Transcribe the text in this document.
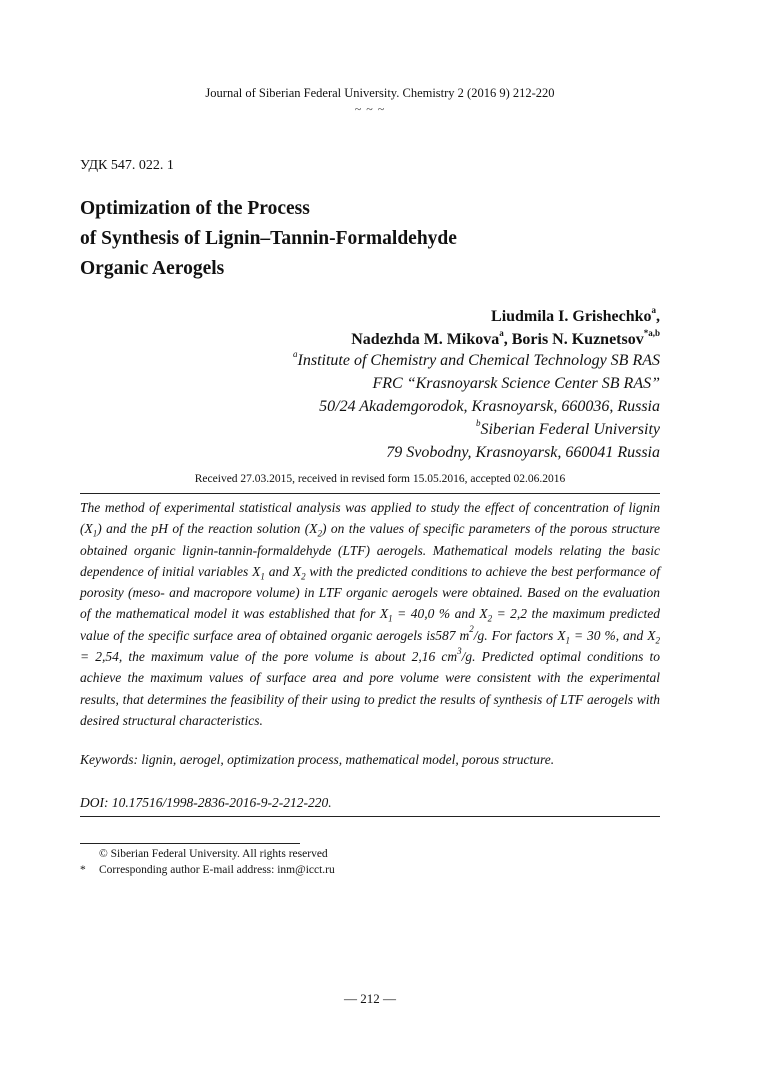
Journal of Siberian Federal University. Chemistry 2 (2016 9) 212-220
~ ~ ~
УДК 547. 022. 1
Optimization of the Process
of Synthesis of Lignin–Tannin-Formaldehyde
Organic Aerogels
Liudmila I. Grishechko$^a$,
Nadezhda M. Mikova$^a$, Boris N. Kuznetsov$^{*a,b}$
$^a$Institute of Chemistry and Chemical Technology SB RAS
FRC “Krasnoyarsk Science Center SB RAS”
50/24 Akademgorodok, Krasnoyarsk, 660036, Russia
$^b$Siberian Federal University
79 Svobodny, Krasnoyarsk, 660041 Russia
Received 27.03.2015, received in revised form 15.05.2016, accepted 02.06.2016
The method of experimental statistical analysis was applied to study the effect of concentration of lignin $(X_1)$ and the pH of the reaction solution $(X_2)$ on the values of specific parameters of the porous structure obtained organic lignin-tannin-formaldehyde (LTF) aerogels. Mathematical models relating the basic dependence of initial variables $X_1$ and $X_2$ with the predicted conditions to achieve the best performance of porosity (meso- and macropore volume) in LTF organic aerogels were obtained. Based on the evaluation of the mathematical model it was established that for $X_1 = 40,0$ % and $X_2 = 2,2$ the maximum predicted value of the specific surface area of obtained organic aerogels is587 $m^2/g$. For factors $X_1 = 30$ %, and $X_2 = 2,54$, the maximum value of the pore volume is about 2,16 $cm^3/g$. Predicted optimal conditions to achieve the maximum values of surface area and pore volume were consistent with the experimental results, that determines the feasibility of their using to predict the results of synthesis of LTF aerogels with desired structural characteristics.
Keywords: lignin, aerogel, optimization process, mathematical model, porous structure.
DOI: 10.17516/1998-2836-2016-9-2-212-220.
© Siberian Federal University. All rights reserved
* Corresponding author E-mail address: inm@icct.ru
— 212 —
